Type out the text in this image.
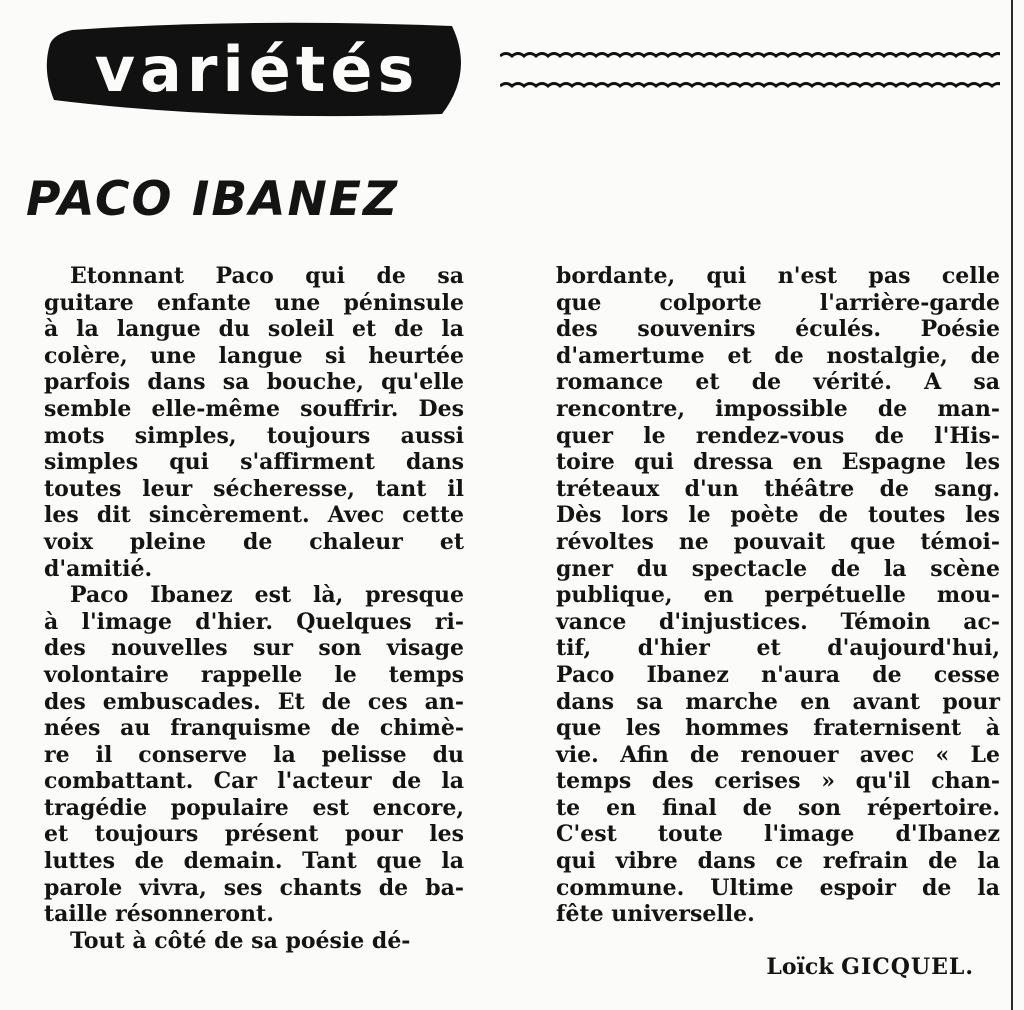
variétés
PACO IBANEZ
Etonnant Paco qui de sa
guitare enfante une péninsule
à la langue du soleil et de la
colère, une langue si heurtée
parfois dans sa bouche, qu'elle
semble elle-même souffrir. Des
mots simples, toujours aussi
simples qui s'affirment dans
toutes leur sécheresse, tant il
les dit sincèrement. Avec cette
voix pleine de chaleur et
d'amitié.
Paco Ibanez est là, presque
à l'image d'hier. Quelques ri-
des nouvelles sur son visage
volontaire rappelle le temps
des embuscades. Et de ces an-
nées au franquisme de chimè-
re il conserve la pelisse du
combattant. Car l'acteur de la
tragédie populaire est encore,
et toujours présent pour les
luttes de demain. Tant que la
parole vivra, ses chants de ba-
taille résonneront.
Tout à côté de sa poésie dé-
bordante, qui n'est pas celle
que colporte l'arrière-garde
des souvenirs éculés. Poésie
d'amertume et de nostalgie, de
romance et de vérité. A sa
rencontre, impossible de man-
quer le rendez-vous de l'His-
toire qui dressa en Espagne les
tréteaux d'un théâtre de sang.
Dès lors le poète de toutes les
révoltes ne pouvait que témoi-
gner du spectacle de la scène
publique, en perpétuelle mou-
vance d'injustices. Témoin ac-
tif, d'hier et d'aujourd'hui,
Paco Ibanez n'aura de cesse
dans sa marche en avant pour
que les hommes fraternisent à
vie. Afin de renouer avec « Le
temps des cerises » qu'il chan-
te en final de son répertoire.
C'est toute l'image d'Ibanez
qui vibre dans ce refrain de la
commune. Ultime espoir de la
fête universelle.
Loïck GICQUEL.
